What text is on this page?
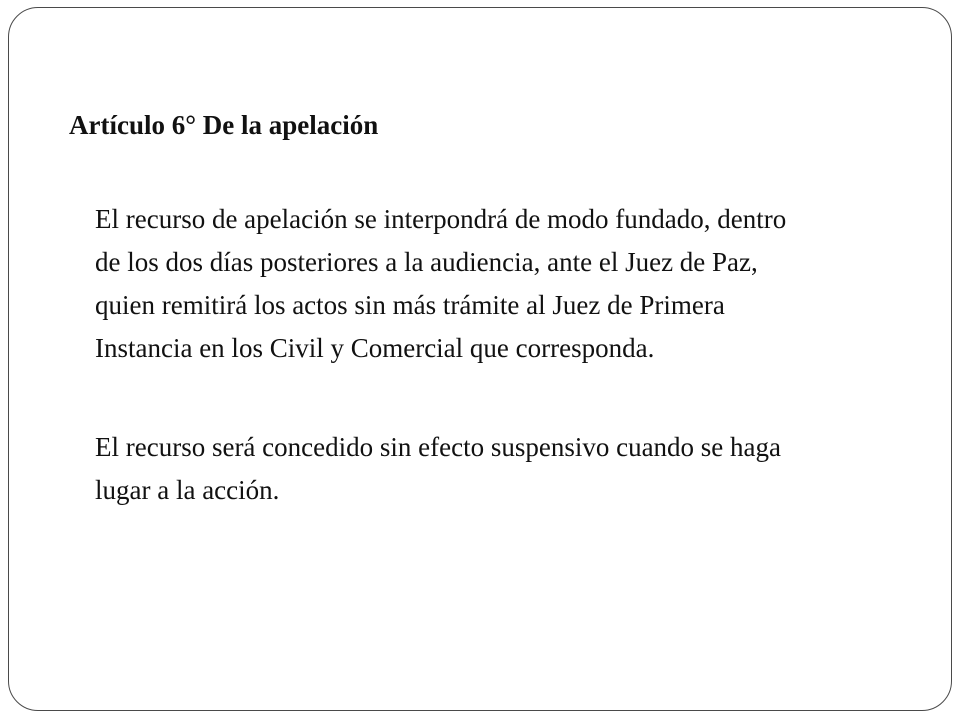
Artículo 6° De la apelación

El recurso de apelación se interpondrá de modo fundado, dentro
de los dos días posteriores a la audiencia, ante el Juez de Paz,
quien remitirá los actos sin más trámite al Juez de Primera
Instancia en los Civil y Comercial que corresponda.

El recurso será concedido sin efecto suspensivo cuando se haga
lugar a la acción.
